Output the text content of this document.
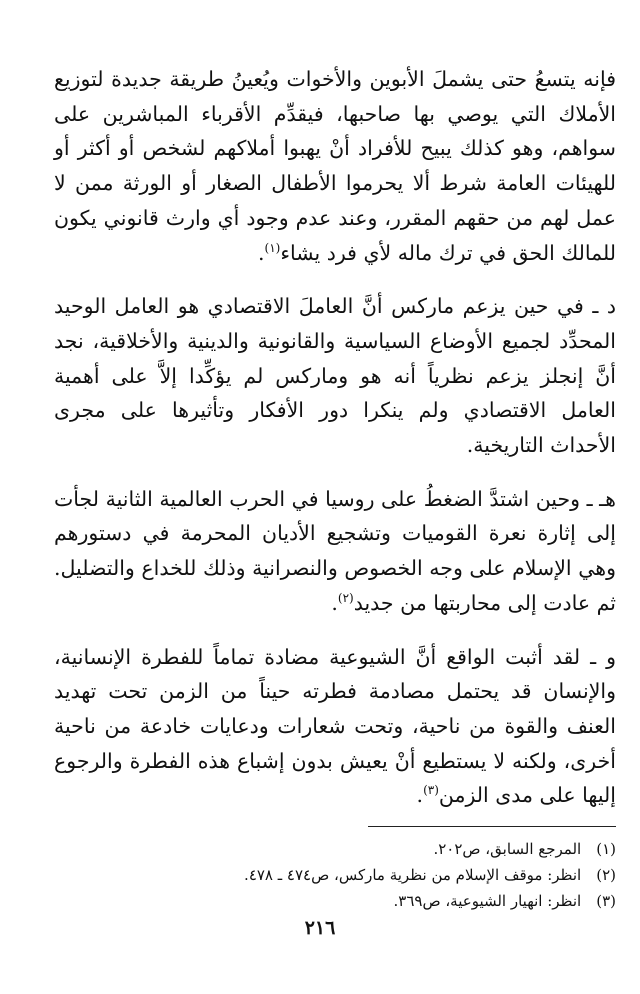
فإنه يتسعُ حتى يشملَ الأبوين والأخوات ويُعينُ طريقة جديدة لتوزيع الأملاك التي يوصي بها صاحبها، فيقدِّم الأقرباء المباشرين على سواهم، وهو كذلك يبيح للأفراد أنْ يهبوا أملاكهم لشخص أو أكثر أو للهيئات العامة شرط ألا يحرموا الأطفال الصغار أو الورثة ممن لا عمل لهم من حقهم المقرر، وعند عدم وجود أي وارث قانوني يكون للمالك الحق في ترك ماله لأي فرد يشاء$^{(١)}$.

د ـ في حين يزعم ماركس أنَّ العاملَ الاقتصادي هو العامل الوحيد المحدِّد لجميع الأوضاع السياسية والقانونية والدينية والأخلاقية، نجد أنَّ إنجلز يزعم نظرياً أنه هو وماركس لم يؤكِّدا إلاَّ على أهمية العامل الاقتصادي ولم ينكرا دور الأفكار وتأثيرها على مجرى الأحداث التاريخية.

هـ ـ وحين اشتدَّ الضغطُ على روسيا في الحرب العالمية الثانية لجأت إلى إثارة نعرة القوميات وتشجيع الأديان المحرمة في دستورهم وهي الإسلام على وجه الخصوص والنصرانية وذلك للخداع والتضليل. ثم عادت إلى محاربتها من جديد$^{(٢)}$.

و ـ لقد أثبت الواقع أنَّ الشيوعية مضادة تماماً للفطرة الإنسانية، والإنسان قد يحتمل مصادمة فطرته حيناً من الزمن تحت تهديد العنف والقوة من ناحية، وتحت شعارات ودعايات خادعة من ناحية أخرى، ولكنه لا يستطيع أنْ يعيش بدون إشباع هذه الفطرة والرجوع إليها على مدى الزمن$^{(٣)}$.

(١) المرجع السابق، ص٢٠٢.
(٢) انظر: موقف الإسلام من نظرية ماركس، ص٤٧٤ ـ ٤٧٨.
(٣) انظر: انهيار الشيوعية، ص٣٦٩.
٢١٦
